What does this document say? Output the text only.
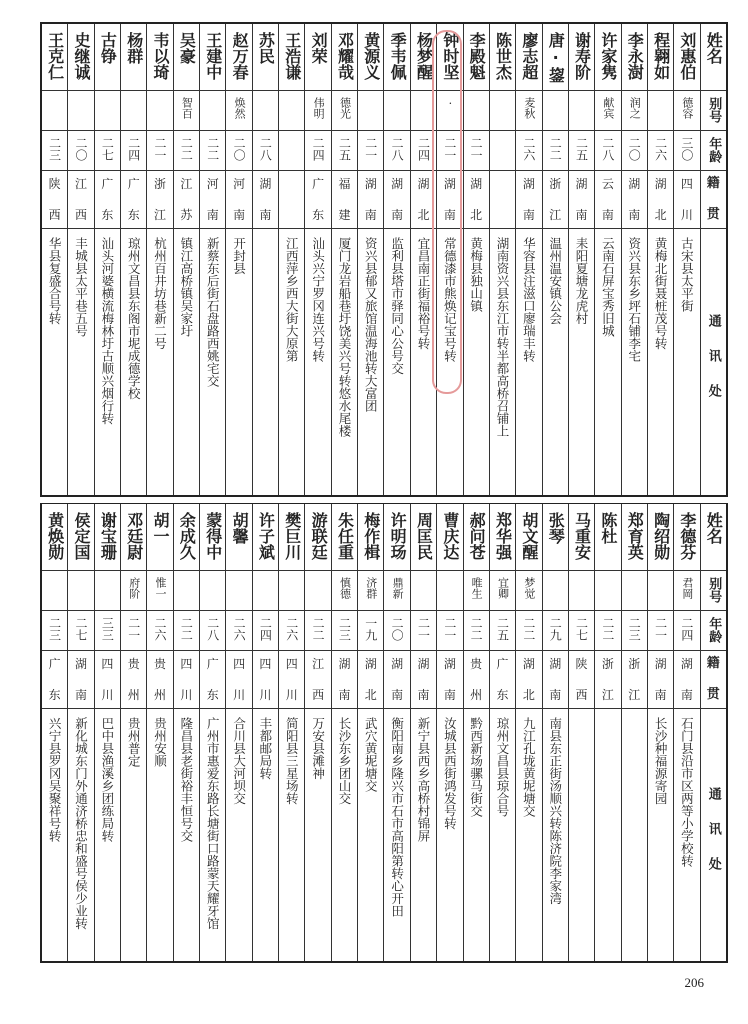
王克仁
二三
陕
西
华县复盛合号转
史继诚
二〇
江
西
丰城县太平巷五号
古铮
二七
广
东
汕头河婆横流梅林圩古顺兴烟行转
杨群
二四
广
东
琼州文昌县东阁市坭成德学校
韦以琦
二一
浙
江
杭州百井坊巷新二号
吴豪
智百
二二
江
苏
镇江高桥镇吴家圩
王建中
二二
河
南
新蔡东后街石盘路西姚宅交
赵万春
焕然
二〇
河
南
开封县
苏民
二八
湖
南
王浩谦
江西萍乡西大街大原第
刘荣
伟明
二四
广
东
汕头兴宁罗冈连兴号转
邓耀哉
德光
二五
福
建
厦门龙岩船巷圩饶美兴号转悠水尾楼
黄源义
二一
湖
南
资兴县郁又旅馆温海池转大富团
季韦佩
二八
湖
南
监利县塔市驿同心公号交
杨梦醒
二四
湖
北
宜昌南正街福裕号转
钟时坚
·
二一
湖
南
常德漆市熊焕记宝号转
李殿魁
二一
湖
北
黄梅县独山镇
陈世杰
湖南资兴县东江市转半都高桥召铺上
廖志超
麦秋
二六
湖
南
华容县注滋口廖瑞丰转
唐·鋆
二二
浙
江
温州温安镇公会
谢寿阶
二五
湖
南
耒阳夏塘龙虎村
许家隽
献宾
二八
云
南
云南石屏宝秀旧城
李永澍
润之
二〇
湖
南
资兴县东乡坪石铺李宅
程翱如
二六
湖
北
黄梅北街聂桩茂号转
刘惠伯
德容
三〇
四
川
古宋县太平街
姓名
别号
年龄
籍
贯
通讯处
黄焕勋
二三
广
东
兴宁县罗冈吴聚祥号转
侯定国
二七
湖
南
新化城东门外通济桥忠和盛号侯少业转
谢宝珊
三三
四
川
巴中县渔溪乡团练局转
邓廷尉
府阶
二一
贵
州
贵州普定
胡一
惟一
二六
贵
州
贵州安顺
余成久
二二
四
川
隆昌县老街裕丰恒号交
蒙得中
二八
广
东
广州市惠爱东路长塘街口路蒙天耀牙馆
胡馨
二六
四
川
合川县大河坝交
许子斌
二四
四
川
丰都邮局转
樊巨川
二六
四
川
简阳县三星场转
游联廷
二二
江
西
万安县滩神
朱任重
慎德
二三
湖
南
长沙东乡团山交
梅作楫
济群
一九
湖
北
武穴黄坭塘交
许明玚
鼎新
二〇
湖
南
衡阳南乡隆兴市石市高阳第转心开田
周匡民
二一
湖
南
新宁县西乡高桥村锦屏
曹庆达
二一
湖
南
汝城县西街鸿发号转
郝问苍
唯生
二二
贵
州
黔西新场骡马街交
郑华强
宜卿
二五
广
东
琼州文昌县琼合号
胡文醒
梦觉
二二
湖
北
九江孔垅黄坭塘交
张琴
二九
湖
南
南县东正街汤顺兴转陈济院李家湾
马重安
二七
陕
西
陈杜
二二
浙
江
郑育英
二三
浙
江
陶绍勋
二一
湖
南
长沙种福源寄园
李德芬
君岡
二四
湖
南
石门县沿市区两等小学校转
姓名
别号
年龄
籍
贯
通讯处
206
